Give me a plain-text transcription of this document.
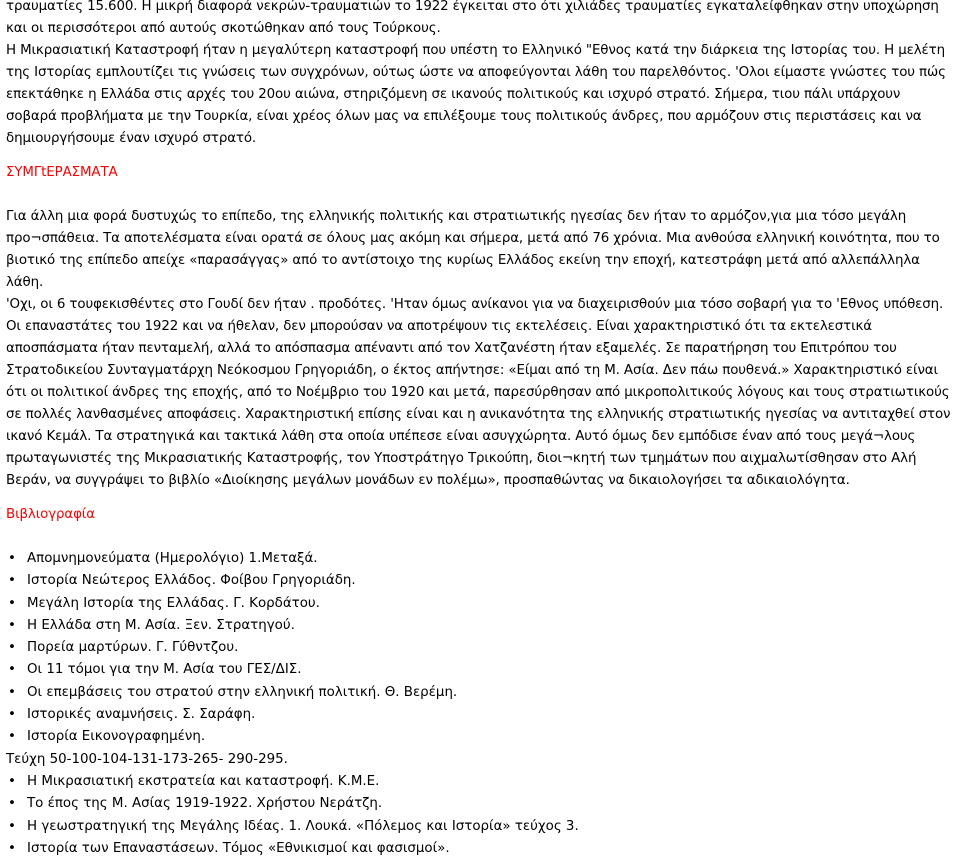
τραυματίες 15.600. Η μικρή διαφορά νεκρών-τραυματιών το 1922 έγκειται στο ότι χιλιάδες τραυματίες εγκαταλείφθηκαν στην υποχώρηση και οι περισσότεροι από αυτούς σκοτώθηκαν από τους Τούρκους.

Η Μικρασιατική Καταστροφή ήταν η μεγαλύτερη καταστροφή που υπέστη το Ελληνικό "Εθνος κατά την διάρκεια της Ιστορίας του. Η μελέτη της Ιστορίας εμπλουτίζει τις γνώσεις των συγχρόνων, ούτως ώστε να αποφεύγονται λάθη του παρελθόντος. 'Ολοι είμαστε γνώστες του πώς επεκτάθηκε η Ελλάδα στις αρχές του 20ου αιώνα, στηριζόμενη σε ικανούς πολιτικούς και ισχυρό στρατό. Σήμερα, τιου πάλι υπάρχουν σοβαρά προβλήματα με την Τουρκία, είναι χρέος όλων μας να επιλέξουμε τους πολιτικούς άνδρες, που αρμόζουν στις περιστάσεις και να δημιουργήσουμε έναν ισχυρό στρατό.

ΣΥΜΓtΕΡΑΣΜΑΤΑ

Για άλλη μια φορά δυστυχώς το επίπεδο, της ελληνικής πολιτικής και στρατιωτικής ηγεσίας δεν ήταν το αρμόζον,για μια τόσο μεγάλη προ¬σπάθεια. Τα αποτελέσματα είναι ορατά σε όλους μας ακόμη και σήμερα, μετά από 76 χρόνια. Μια ανθούσα ελληνική κοινότητα, που το βιοτικό της επίπεδο απείχε «παρασάγγας» από το αντίστοιχο της κυρίως Ελλάδος εκείνη την εποχή, κατεστράφη μετά από αλλεπάλληλα λάθη.

'Οχι, οι 6 τουφεκισθέντες στο Γουδί δεν ήταν . προδότες. 'Ηταν όμως ανίκανοι για να διαχειρισθούν μια τόσο σοβαρή για το 'Εθνος υπόθεση. Οι επαναστάτες του 1922 και να ήθελαν, δεν μπορούσαν να αποτρέψουν τις εκτελέσεις. Είναι χαρακτηριστικό ότι τα εκτελεστικά αποσπάσματα ήταν πενταμελή, αλλά το απόσπασμα απέναντι από τον Χατζανέστη ήταν εξαμελές. Σε παρατήρηση του Επιτρόπου του Στρατοδικείου Συνταγματάρχη Νεόκοσμου Γρηγοριάδη, ο έκτος απήντησε: «Είμαι από τη Μ. Ασία. Δεν πάω πουθενά.» Χαρακτηριστικό είναι ότι οι πολιτικοί άνδρες της εποχής, από το Νοέμβριο του 1920 και μετά, παρεσύρθησαν από μικροπολιτικούς λόγους και τους στρατιωτικούς σε πολλές λανθασμένες αποφάσεις. Χαρακτηριστική επίσης είναι και η ανικανότητα της ελληνικής στρατιωτικής ηγεσίας να αντιταχθεί στον ικανό Κεμάλ. Τα στρατηγικά και τακτικά λάθη στα οποία υπέπεσε είναι ασυγχώρητα. Αυτό όμως δεν εμπόδισε έναν από τους μεγά¬λους πρωταγωνιστές της Μικρασιατικής Καταστροφής, τον Υποστράτηγο Τρικούπη, διοι¬κητή των τμημάτων που αιχμαλωτίσθησαν στο Αλή Βεράν, να συγγράψει το βιβλίο «Διοίκησης μεγάλων μονάδων εν πολέμω», προσπαθώντας να δικαιολογήσει τα αδικαιολόγητα.

Βιβλιογραφία

• Απομνημονεύματα (Ημερολόγιο) 1.Μεταξά.
• Ιστορία Νεώτερος Ελλάδος. Φοίβου Γρηγοριάδη.
• Μεγάλη Ιστορία της Ελλάδας. Γ. Κορδάτου.
• Η Ελλάδα στη Μ. Ασία. Ξεν. Στρατηγού.
• Πορεία μαρτύρων. Γ. Γύθντζου.
• Οι 11 τόμοι για την Μ. Ασία του ΓΕΣ/ΔΙΣ.
• Οι επεμβάσεις του στρατού στην ελληνική πολιτική. Θ. Βερέμη.
• Ιστορικές αναμνήσεις. Σ. Σαράφη.
• Ιστορία Εικονογραφημένη.
Τεύχη 50-100-104-131-173-265- 290-295.
• Η Μικρασιατική εκστρατεία και καταστροφή. Κ.Μ.Ε.
• Το έπος της Μ. Ασίας 1919-1922. Χρήστου Νεράτζη.
• Η γεωστρατηγική της Μεγάλης Ιδέας. 1. Λουκά. «Πόλεμος και Ιστορία» τεύχος 3.
• Ιστορία των Επαναστάσεων. Τόμος «Εθνικισμοί και φασισμοί».
